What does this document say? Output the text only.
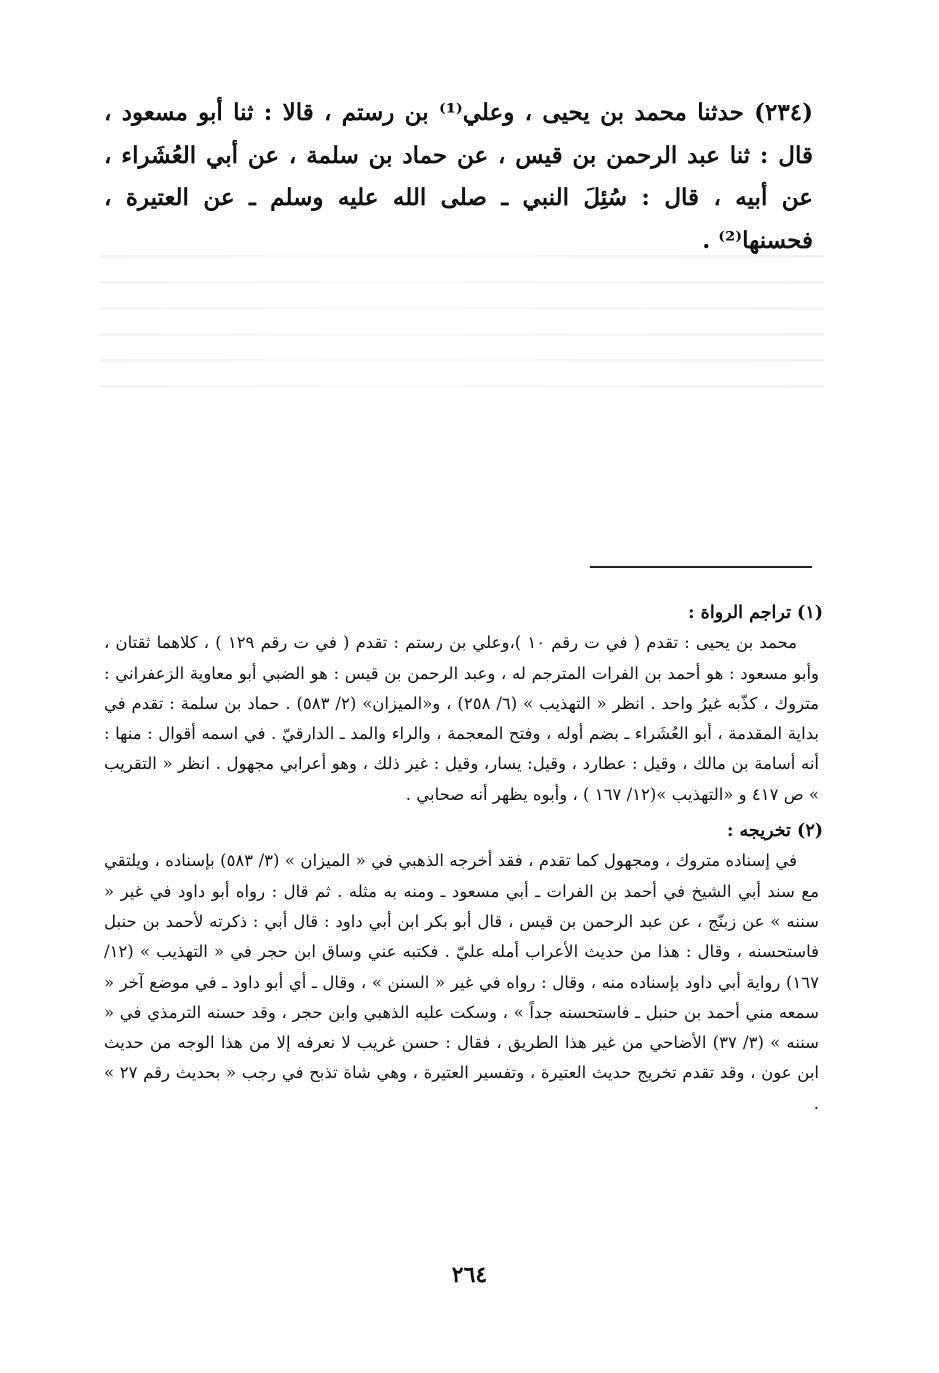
(٢٣٤) حدثنا محمد بن يحيى ، وعلي⁽¹⁾ بن رستم ، قالا : ثنا أبو مسعود ، قال : ثنا عبد الرحمن بن قيس ، عن حماد بن سلمة ، عن أبي العُشَراء ، عن أبيه ، قال : سُئِلَ النبي ـ صلى الله عليه وسلم ـ عن العتيرة ، فحسنها⁽²⁾ .

(١) تراجم الرواة :

محمد بن يحيى : تقدم ( في ت رقم ١٠ )،وعلي بن رستم : تقدم ( في ت رقم ١٢٩ ) ، كلاهما ثقتان ، وأبو مسعود : هو أحمد بن الفرات المترجم له ، وعبد الرحمن بن قيس : هو الضبي أبو معاوية الزعفراني : متروك ، كذّبه غيرُ واحد . انظر « التهذيب » (٦/ ٢٥٨) ، و«الميزان» (٢/ ٥٨٣) . حماد بن سلمة : تقدم في بداية المقدمة ، أبو العُشَراء ـ بضم أوله ، وفتح المعجمة ، والراء والمد ـ الدارقيّ . في اسمه أقوال : منها : أنه أسامة بن مالك ، وقيل : عطارد ، وقيل: يسار، وقيل : غير ذلك ، وهو أعرابي مجهول . انظر « التقريب » ص ٤١٧ و «التهذيب »(١٢/ ١٦٧ ) ، وأبوه يظهر أنه صحابي .

(٢) تخريجه :

في إسناده متروك ، ومجهول كما تقدم ، فقد أخرجه الذهبي في « الميزان » (٣/ ٥٨٣) بإسناده ، ويلتقي مع سند أبي الشيخ في أحمد بن الفرات ـ أبي مسعود ـ ومنه به مثله . ثم قال : رواه أبو داود في غير « سننه » عن زبنّج ، عن عبد الرحمن بن قيس ، قال أبو بكر ابن أبي داود : قال أبي : ذكرته لأحمد بن حنبل فاستحسنه ، وقال : هذا من حديث الأعراب أمله عليّ . فكتبه عني وساق ابن حجر في « التهذيب » (١٢/ ١٦٧) رواية أبي داود بإسناده منه ، وقال : رواه في غير « السنن » ، وقال ـ أي أبو داود ـ في موضع آخر « سمعه مني أحمد بن حنبل ـ فاستحسنه جداً » ، وسكت عليه الذهبي وابن حجر ، وقد حسنه الترمذي في « سننه » (٣/ ٣٧) الأضاحي من غير هذا الطريق ، فقال : حسن غريب لا نعرفه إلا من هذا الوجه من حديث ابن عون ، وقد تقدم تخريج حديث العتيرة ، وتفسير العتيرة ، وهي شاة تذبح في رجب « بحديث رقم ٢٧ » .

٢٦٤
